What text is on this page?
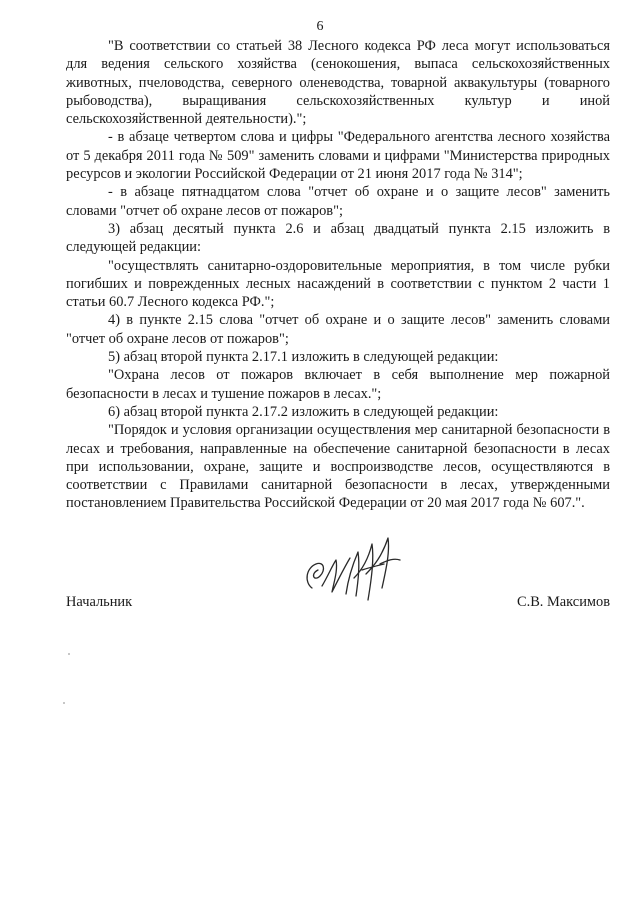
6

"В соответствии со статьей 38 Лесного кодекса РФ леса могут использоваться для ведения сельского хозяйства (сенокошения, выпаса сельскохозяйственных животных, пчеловодства, северного оленеводства, товарной аквакультуры (товарного рыбоводства), выращивания сельскохозяйственных культур и иной сельскохозяйственной деятельности).";

- в абзаце четвертом слова и цифры "Федерального агентства лесного хозяйства от 5 декабря 2011 года № 509" заменить словами и цифрами "Министерства природных ресурсов и экологии Российской Федерации от 21 июня 2017 года № 314";

- в абзаце пятнадцатом слова "отчет об охране и о защите лесов" заменить словами "отчет об охране лесов от пожаров";

3) абзац десятый пункта 2.6 и абзац двадцатый пункта 2.15 изложить в следующей редакции:

"осуществлять санитарно-оздоровительные мероприятия, в том числе рубки погибших и поврежденных лесных насаждений в соответствии с пунктом 2 части 1 статьи 60.7 Лесного кодекса РФ.";

4) в пункте 2.15 слова "отчет об охране и о защите лесов" заменить словами "отчет об охране лесов от пожаров";

5) абзац второй пункта 2.17.1 изложить в следующей редакции:

"Охрана лесов от пожаров включает в себя выполнение мер пожарной безопасности в лесах и тушение пожаров в лесах.";

6) абзац второй пункта 2.17.2 изложить в следующей редакции:

"Порядок и условия организации осуществления мер санитарной безопасности в лесах и требования, направленные на обеспечение санитарной безопасности в лесах при использовании, охране, защите и воспроизводстве лесов, осуществляются в соответствии с Правилами санитарной безопасности в лесах, утвержденными постановлением Правительства Российской Федерации от 20 мая 2017 года № 607.".

Начальник	С.В. Максимов
